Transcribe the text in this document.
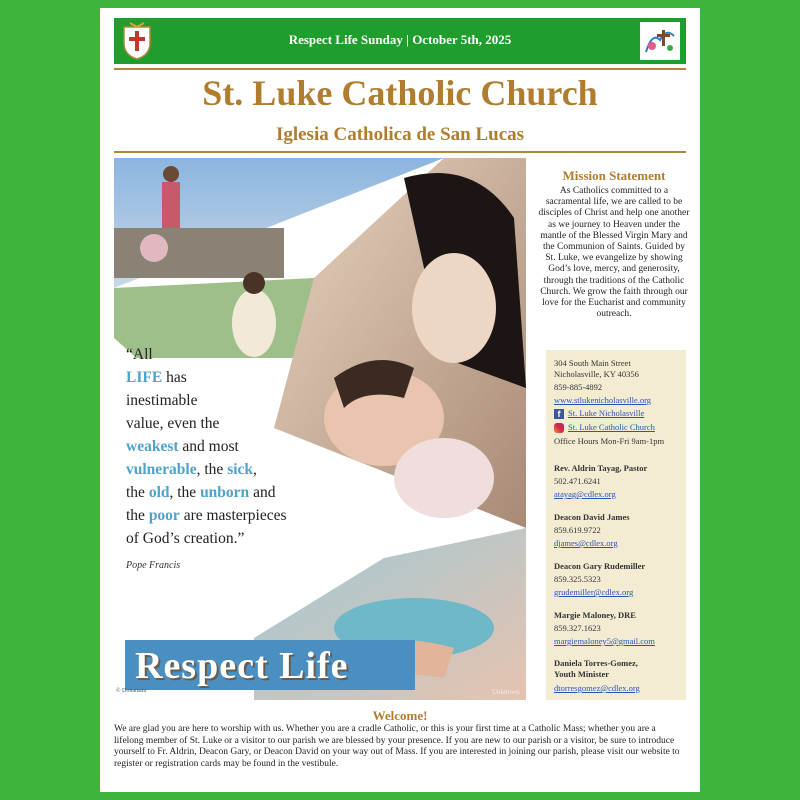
Respect Life Sunday | October 5th, 2025
St. Luke Catholic Church
Iglesia Catholica de San Lucas
“All
LIFE has
inestimable
value, even the
weakest and most
vulnerable, the sick,
the old, the unborn and
the poor are masterpieces
of God’s creation.”
Pope Francis
Respect Life
© Donatsam	Unknown
Mission Statement
As Catholics committed to a sacramental life, we are called to be disciples of Christ and help one another as we journey to Heaven under the mantle of the Blessed Virgin Mary and the Communion of Saints. Guided by St. Luke, we evangelize by showing God’s love, mercy, and generosity, through the traditions of the Catholic Church. We grow the faith through our love for the Eucharist and community outreach.
304 South Main Street
Nicholasville, KY 40356
859-885-4892
www.stlukenicholasville.org
f St. Luke Nicholasville
St. Luke Catholic Church
Office Hours Mon-Fri 9am-1pm
Rev. Aldrin Tayag, Pastor
502.471.6241
atayag@cdlex.org
Deacon David James
859.619.9722
djames@cdlex.org
Deacon Gary Rudemiller
859.325.5323
grudemiller@cdlex.org
Margie Maloney, DRE
859.327.1623
margiemaloney5@gmail.com
Daniela Torres-Gomez,
Youth Minister
dtorresgomez@cdlex.org
Welcome!
We are glad you are here to worship with us. Whether you are a cradle Catholic, or this is your first time at a Catholic Mass; whether you are a lifelong member of St. Luke or a visitor to our parish we are blessed by your presence. If you are new to our parish or a visitor, be sure to introduce yourself to Fr. Aldrin, Deacon Gary, or Deacon David on your way out of Mass. If you are interested in joining our parish, please visit our website to register or registration cards may be found in the vestibule.
